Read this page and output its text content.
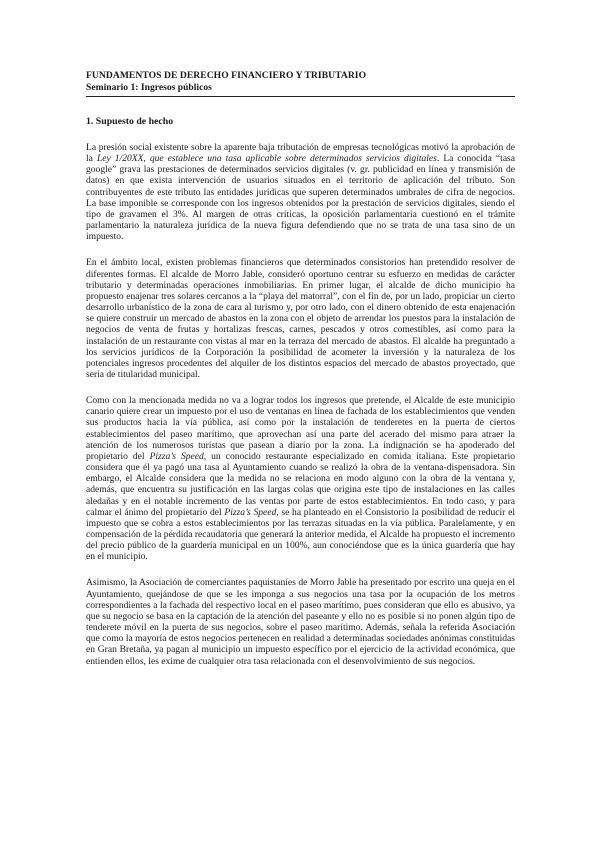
FUNDAMENTOS DE DERECHO FINANCIERO Y TRIBUTARIO
Seminario 1: Ingresos públicos
1. Supuesto de hecho

La presión social existente sobre la aparente baja tributación de empresas tecnológicas motivó la aprobación de la Ley 1/20XX, que establece una tasa aplicable sobre determinados servicios digitales. La conocida “tasa google” grava las prestaciones de determinados servicios digitales (v. gr. publicidad en línea y transmisión de datos) en que exista intervención de usuarios situados en el territorio de aplicación del tributo. Son contribuyentes de este tributo las entidades jurídicas que superen determinados umbrales de cifra de negocios. La base imponible se corresponde con los ingresos obtenidos por la prestación de servicios digitales, siendo el tipo de gravamen el 3%. Al margen de otras críticas, la oposición parlamentaria cuestionó en el trámite parlamentario la naturaleza jurídica de la nueva figura defendiendo que no se trata de una tasa sino de un impuesto.

En el ámbito local, existen problemas financieros que determinados consistorios han pretendido resolver de diferentes formas. El alcalde de Morro Jable, consideró oportuno centrar su esfuerzo en medidas de carácter tributario y determinadas operaciones inmobiliarias. En primer lugar, el alcalde de dicho municipio ha propuesto enajenar tres solares cercanos a la “playa del matorral”, con el fin de, por un lado, propiciar un cierto desarrollo urbanístico de la zona de cara al turismo y, por otro lado, con el dinero obtenido de esta enajenación se quiere construir un mercado de abastos en la zona con el objeto de arrendar los puestos para la instalación de negocios de venta de frutas y hortalizas frescas, carnes, pescados y otros comestibles, así como para la instalación de un restaurante con vistas al mar en la terraza del mercado de abastos. El alcalde ha preguntado a los servicios jurídicos de la Corporación la posibilidad de acometer la inversión y la naturaleza de los potenciales ingresos procedentes del alquiler de los distintos espacios del mercado de abastos proyectado, que sería de titularidad municipal.

Como con la mencionada medida no va a lograr todos los ingresos que pretende, el Alcalde de este municipio canario quiere crear un impuesto por el uso de ventanas en línea de fachada de los establecimientos que venden sus productos hacia la vía pública, así como por la instalación de tenderetes en la puerta de ciertos establecimientos del paseo marítimo, que aprovechan así una parte del acerado del mismo para atraer la atención de los numerosos turistas que pasean a diario por la zona. La indignación se ha apoderado del propietario del Pizza’s Speed, un conocido restaurante especializado en comida italiana. Este propietario considera que él ya pagó una tasa al Ayuntamiento cuando se realizó la obra de la ventana-dispensadora. Sin embargo, el Alcalde considera que la medida no se relaciona en modo alguno con la obra de la ventana y, además, que encuentra su justificación en las largas colas que origina este tipo de instalaciones en las calles aledañas y en el notable incremento de las ventas por parte de estos establecimientos. En todo caso, y para calmar el ánimo del propietario del Pizza’s Speed, se ha planteado en el Consistorio la posibilidad de reducir el impuesto que se cobra a estos establecimientos por las terrazas situadas en la vía pública. Paralelamente, y en compensación de la pérdida recaudatoria que generará la anterior medida, el Alcalde ha propuesto el incremento del precio público de la guardería municipal en un 100%, aun conociéndose que es la única guardería que hay en el municipio.

Asimismo, la Asociación de comerciantes paquistaníes de Morro Jable ha presentado por escrito una queja en el Ayuntamiento, quejándose de que se les imponga a sus negocios una tasa por la ocupación de los metros correspondientes a la fachada del respectivo local en el paseo marítimo, pues consideran que ello es abusivo, ya que su negocio se basa en la captación de la atención del paseante y ello no es posible si no ponen algún tipo de tenderete móvil en la puerta de sus negocios, sobre el paseo marítimo. Además, señala la referida Asociación que como la mayoría de estos negocios pertenecen en realidad a determinadas sociedades anónimas constituidas en Gran Bretaña, ya pagan al municipio un impuesto específico por el ejercicio de la actividad económica, que entienden ellos, les exime de cualquier otra tasa relacionada con el desenvolvimiento de sus negocios.
